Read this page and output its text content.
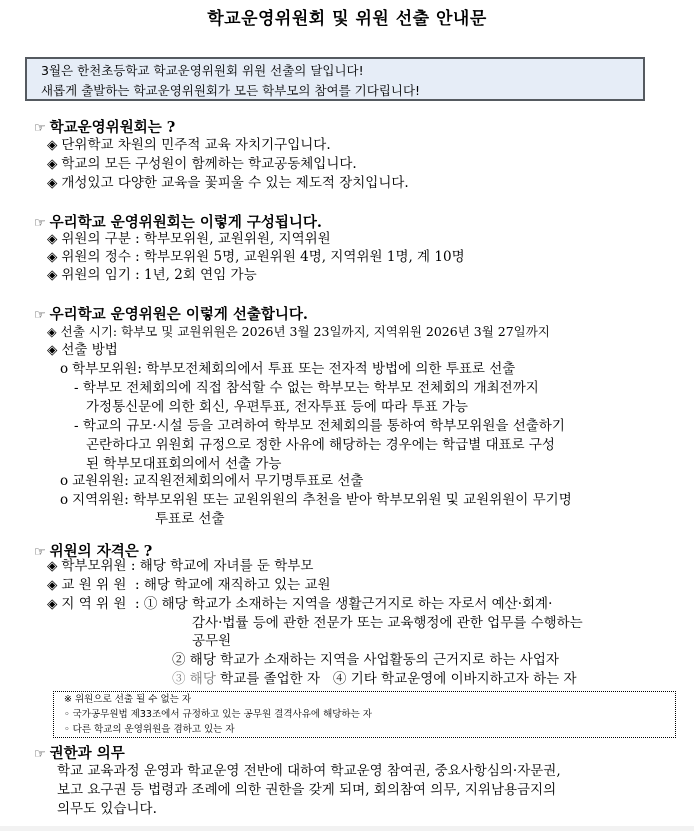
학교운영위원회 및 위원 선출 안내문
3월은 한천초등학교 학교운영위원회 위원 선출의 달입니다!
새롭게 출발하는 학교운영위원회가 모든 학부모의 참여를 기다립니다!
☞ 학교운영위원회는 ?
◈ 단위학교 차원의 민주적 교육 자치기구입니다.
◈ 학교의 모든 구성원이 함께하는 학교공동체입니다.
◈ 개성있고 다양한 교육을 꽃피울 수 있는 제도적 장치입니다.
☞ 우리학교 운영위원회는 이렇게 구성됩니다.
◈ 위원의 구분 : 학부모위원, 교원위원, 지역위원
◈ 위원의 정수 : 학부모위원 5명, 교원위원 4명, 지역위원 1명, 계 10명
◈ 위원의 임기 : 1년, 2회 연임 가능
☞ 우리학교 운영위원은 이렇게 선출합니다.
◈ 선출 시기: 학부모 및 교원위원은 2026년 3월 23일까지, 지역위원 2026년 3월 27일까지
◈ 선출 방법
ο 학부모위원: 학부모전체회의에서 투표 또는 전자적 방법에 의한 투표로 선출
- 학부모 전체회의에 직접 참석할 수 없는 학부모는 학부모 전체회의 개최전까지
가정통신문에 의한 회신, 우편투표, 전자투표 등에 따라 투표 가능
- 학교의 규모·시설 등을 고려하여 학부모 전체회의를 통하여 학부모위원을 선출하기
곤란하다고 위원회 규정으로 정한 사유에 해당하는 경우에는 학급별 대표로 구성
된 학부모대표회의에서 선출 가능
ο 교원위원: 교직원전체회의에서 무기명투표로 선출
ο 지역위원: 학부모위원 또는 교원위원의 추천을 받아 학부모위원 및 교원위원이 무기명
투표로 선출
☞ 위원의 자격은 ?
◈ 학부모위원 : 해당 학교에 자녀를 둔 학부모
◈ 교 원 위 원  : 해당 학교에 재직하고 있는 교원
◈ 지 역 위 원  : ① 해당 학교가 소재하는 지역을 생활근거지로 하는 자로서 예산·회계·
감사·법률 등에 관한 전문가 또는 교육행정에 관한 업무를 수행하는
공무원
② 해당 학교가 소재하는 지역을 사업활동의 근거지로 하는 사업자
③ 해당 학교를 졸업한 자   ④ 기타 학교운영에 이바지하고자 하는 자
※ 위원으로 선출 될 수 없는 자
◦ 국가공무원법 제33조에서 규정하고 있는 공무원 결격사유에 해당하는 자
◦ 다른 학교의 운영위원을 겸하고 있는 자
☞ 권한과 의무
학교 교육과정 운영과 학교운영 전반에 대하여 학교운영 참여권, 중요사항심의·자문권,
보고 요구권 등 법령과 조례에 의한 권한을 갖게 되며, 회의참여 의무, 지위남용금지의
의무도 있습니다.
